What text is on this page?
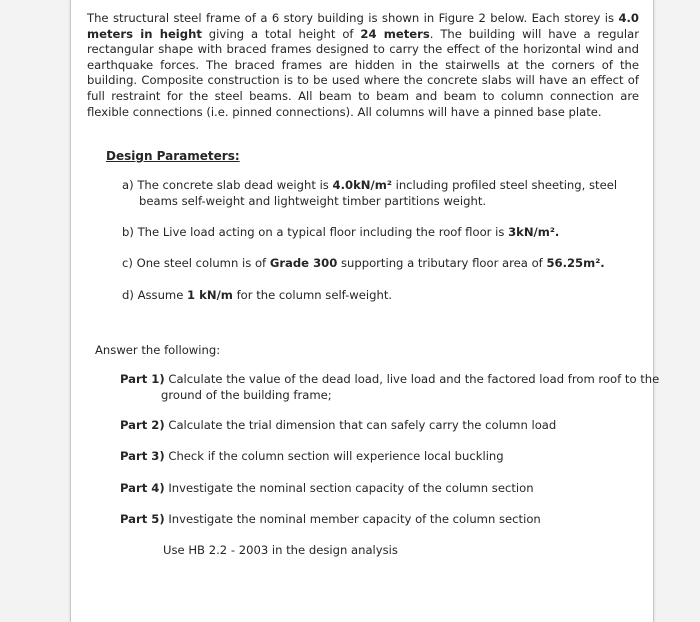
The structural steel frame of a 6 story building is shown in Figure 2 below. Each storey is 4.0 meters in height giving a total height of 24 meters. The building will have a regular rectangular shape with braced frames designed to carry the effect of the horizontal wind and earthquake forces. The braced frames are hidden in the stairwells at the corners of the building. Composite construction is to be used where the concrete slabs will have an effect of full restraint for the steel beams. All beam to beam and beam to column connection are flexible connections (i.e. pinned connections). All columns will have a pinned base plate.
Design Parameters:
a) The concrete slab dead weight is 4.0kN/m² including profiled steel sheeting, steel beams self-weight and lightweight timber partitions weight.
b) The Live load acting on a typical floor including the roof floor is 3kN/m².
c) One steel column is of Grade 300 supporting a tributary floor area of 56.25m².
d) Assume 1 kN/m for the column self-weight.
Answer the following:
Part 1) Calculate the value of the dead load, live load and the factored load from roof to the ground of the building frame;
Part 2) Calculate the trial dimension that can safely carry the column load
Part 3) Check if the column section will experience local buckling
Part 4) Investigate the nominal section capacity of the column section
Part 5) Investigate the nominal member capacity of the column section
Use HB 2.2 - 2003 in the design analysis
